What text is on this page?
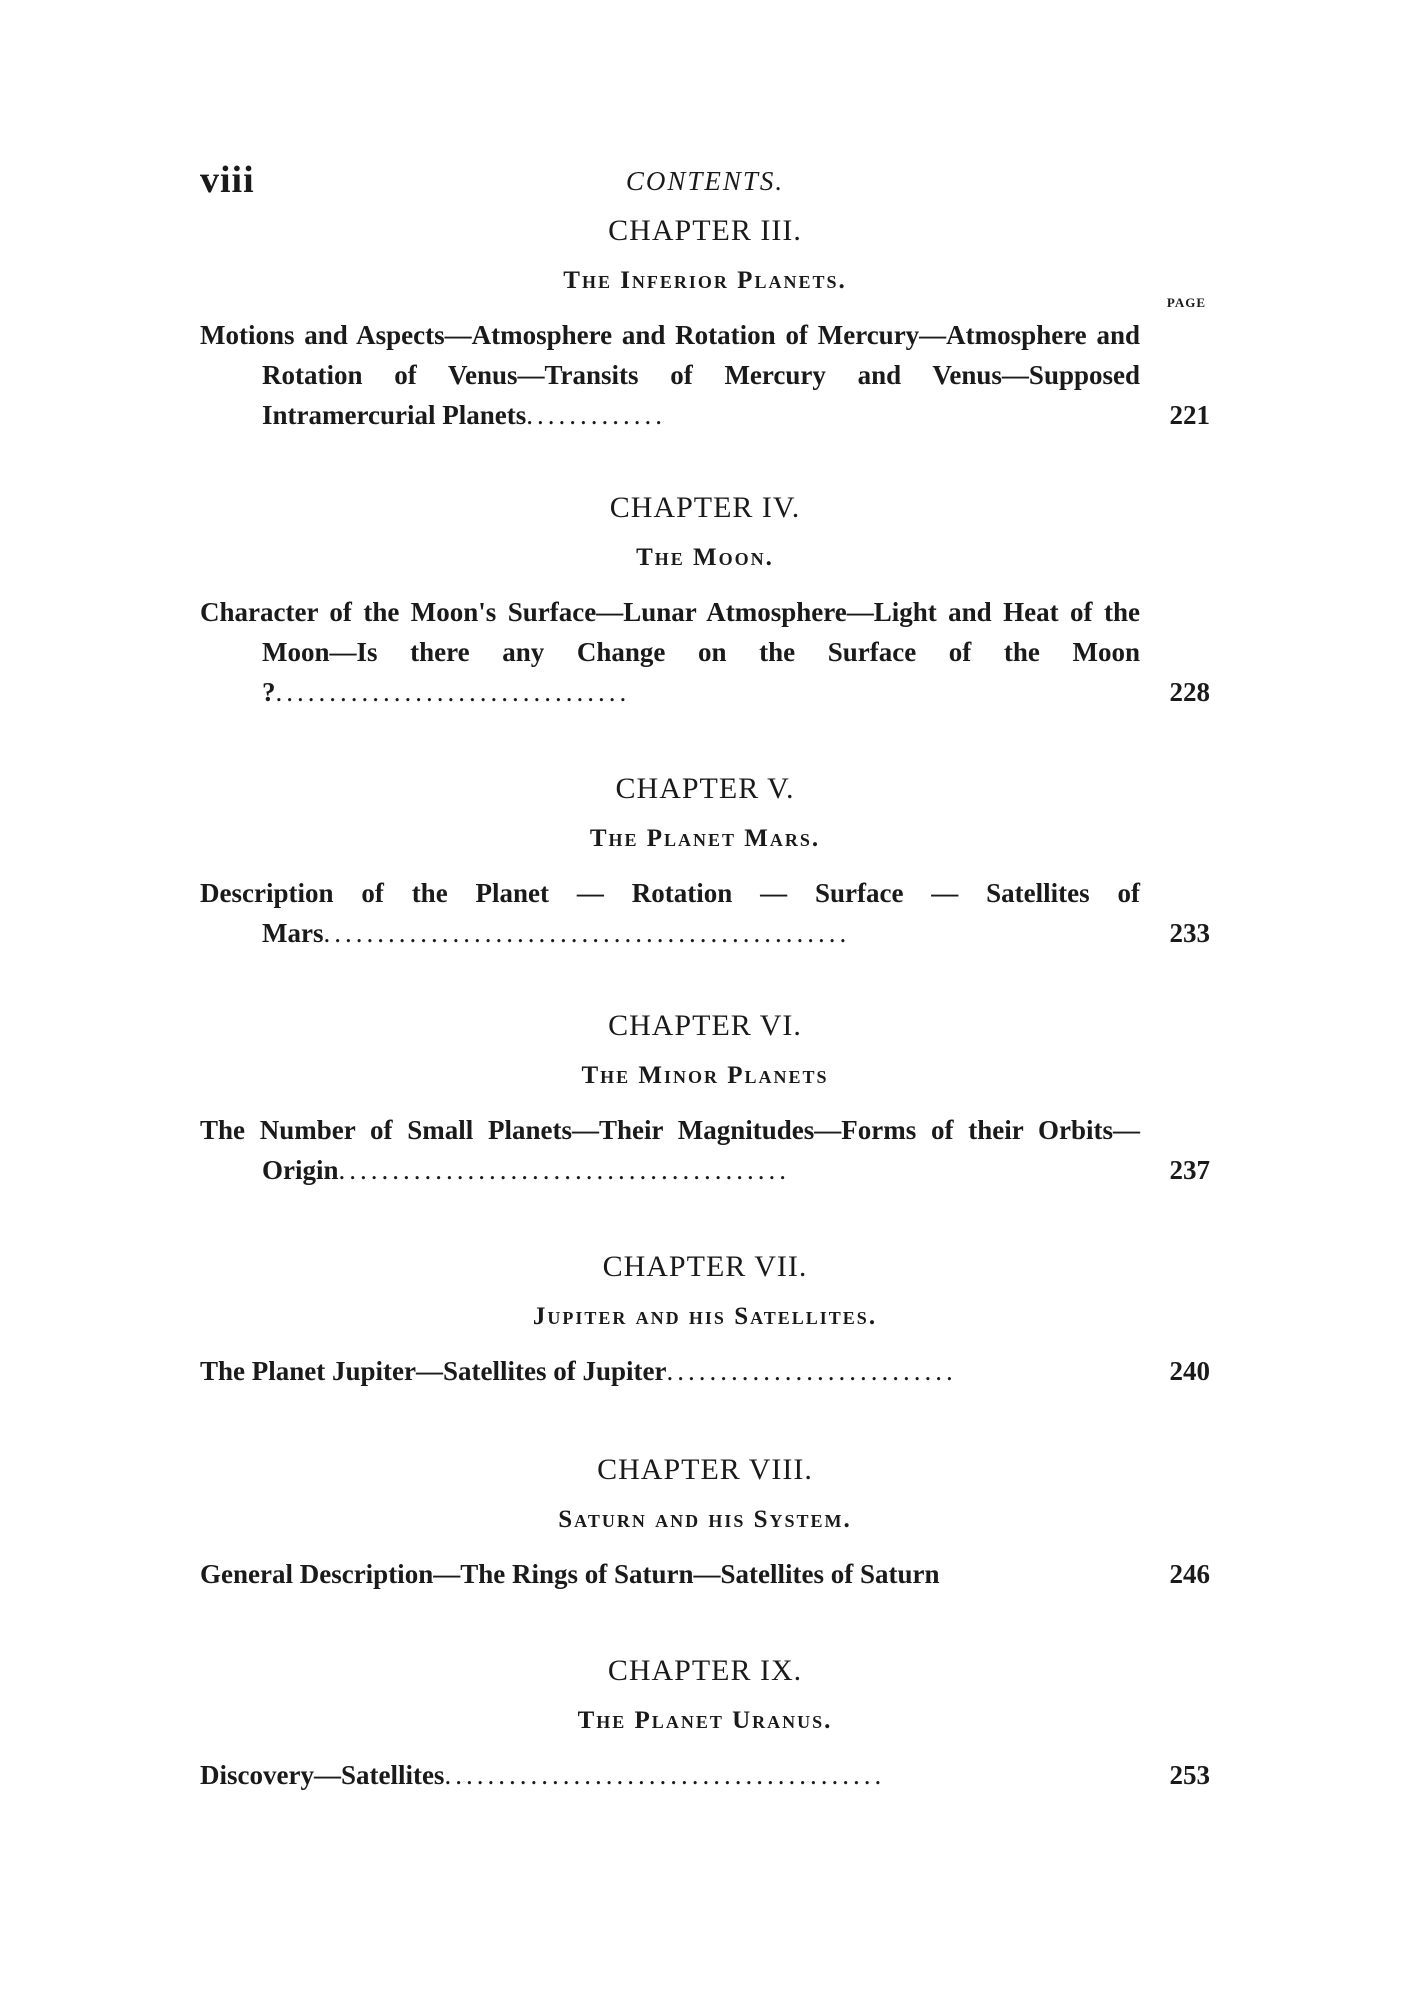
viii	CONTENTS.
CHAPTER III.
The Inferior Planets.
PAGE
Motions and Aspects—Atmosphere and Rotation of Mercury—Atmosphere and Rotation of Venus—Transits of Mercury and Venus—Supposed Intramercurial Planets.............	221
CHAPTER IV.
The Moon.
Character of the Moon's Surface—Lunar Atmosphere—Light and Heat of the Moon—Is there any Change on the Surface of the Moon ?.................................	228
CHAPTER V.
The Planet Mars.
Description of the Planet — Rotation — Surface — Satellites of Mars.................................................	233
CHAPTER VI.
The Minor Planets
The Number of Small Planets—Their Magnitudes—Forms of their Orbits—Origin..........................................	237
CHAPTER VII.
Jupiter and his Satellites.
The Planet Jupiter—Satellites of Jupiter...........................	240
CHAPTER VIII.
Saturn and his System.
General Description—The Rings of Saturn—Satellites of Saturn	246
CHAPTER IX.
The Planet Uranus.
Discovery—Satellites.........................................	253
